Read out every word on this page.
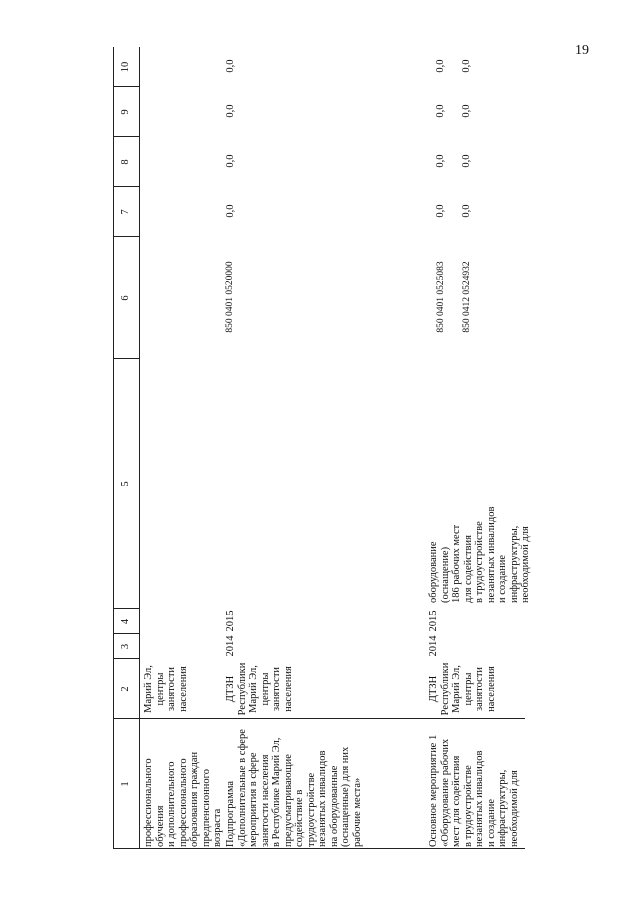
19
1
2
3
4
5
6
7
8
9
10
профессионального
обучения
и дополнительного
профессионального
образования граждан
предпенсионного
возраста
Марий Эл,
центры
занятости
населения
Подпрограмма
«Дополнительные в сфере
мероприятия в сфере
занятости населения
в Республике Марий Эл,
предусматривающие
содействие в
трудоустройстве
незанятых инвалидов
на оборудованные
(оснащенные) для них
рабочие места»
ДТЗН
Республики
Марий Эл,
центры
занятости
населения
2014
2015
850 0401 0520000
0,0
0,0
0,0
0,0
Основное мероприятие 1
«Оборудование рабочих
мест для содействия
в трудоустройстве
незанятых инвалидов
и создание
инфраструктуры,
необходимой для
ДТЗН
Республики
Марий Эл,
центры
занятости
населения
2014
2015
оборудование
(оснащение)
186 рабочих мест
для содействия
в трудоустройстве
незанятых инвалидов
и создание
инфраструктуры,
необходимой для
850 0401 0525083
850 0412 0524932
0,0
0,0
0,0
0,0
0,0
0,0
0,0
0,0
